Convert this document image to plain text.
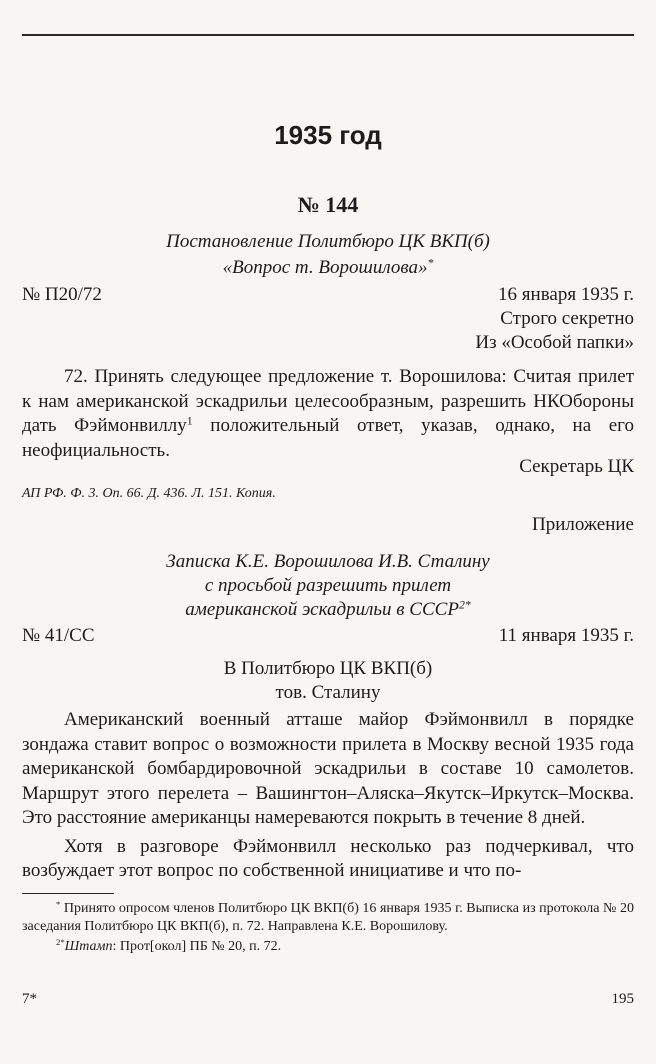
1935 год
№ 144
Постановление Политбюро ЦК ВКП(б)
«Вопрос т. Ворошилова»*
№ П20/72	16 января 1935 г.
Строго секретно
Из «Особой папки»

72. Принять следующее предложение т. Ворошилова: Считая прилет к нам американской эскадрильи целесообразным, разрешить НКОбороны дать Фэймонвиллу$^1$ положительный ответ, указав, однако, на его неофициальность.

Секретарь ЦК
АП РФ. Ф. 3. Оп. 66. Д. 436. Л. 151. Копия.
Приложение
Записка К.Е. Ворошилова И.В. Сталину
с просьбой разрешить прилет
американской эскадрильи в $СССР^{2*}$
№ 41/СС	11 января 1935 г.
В Политбюро ЦК ВКП(б)
тов. Сталину

Американский военный атташе майор Фэймонвилл в порядке зондажа ставит вопрос о возможности прилета в Москву весной 1935 года американской бомбардировочной эскадрильи в составе 10 самолетов. Маршрут этого перелета – Вашингтон–Аляска–Якутск–Иркутск–Москва. Это расстояние американцы намереваются покрыть в течение 8 дней.

Хотя в разговоре Фэймонвилл несколько раз подчеркивал, что возбуждает этот вопрос по собственной инициативе и что по-

* Принято опросом членов Политбюро ЦК ВКП(б) 16 января 1935 г. Выписка из протокола № 20 заседания Политбюро ЦК ВКП(б), п. 72. Направлена К.Е. Ворошилову.

$^{2*}$Штамп: Прот[окол] ПБ № 20, п. 72.

7*	195
